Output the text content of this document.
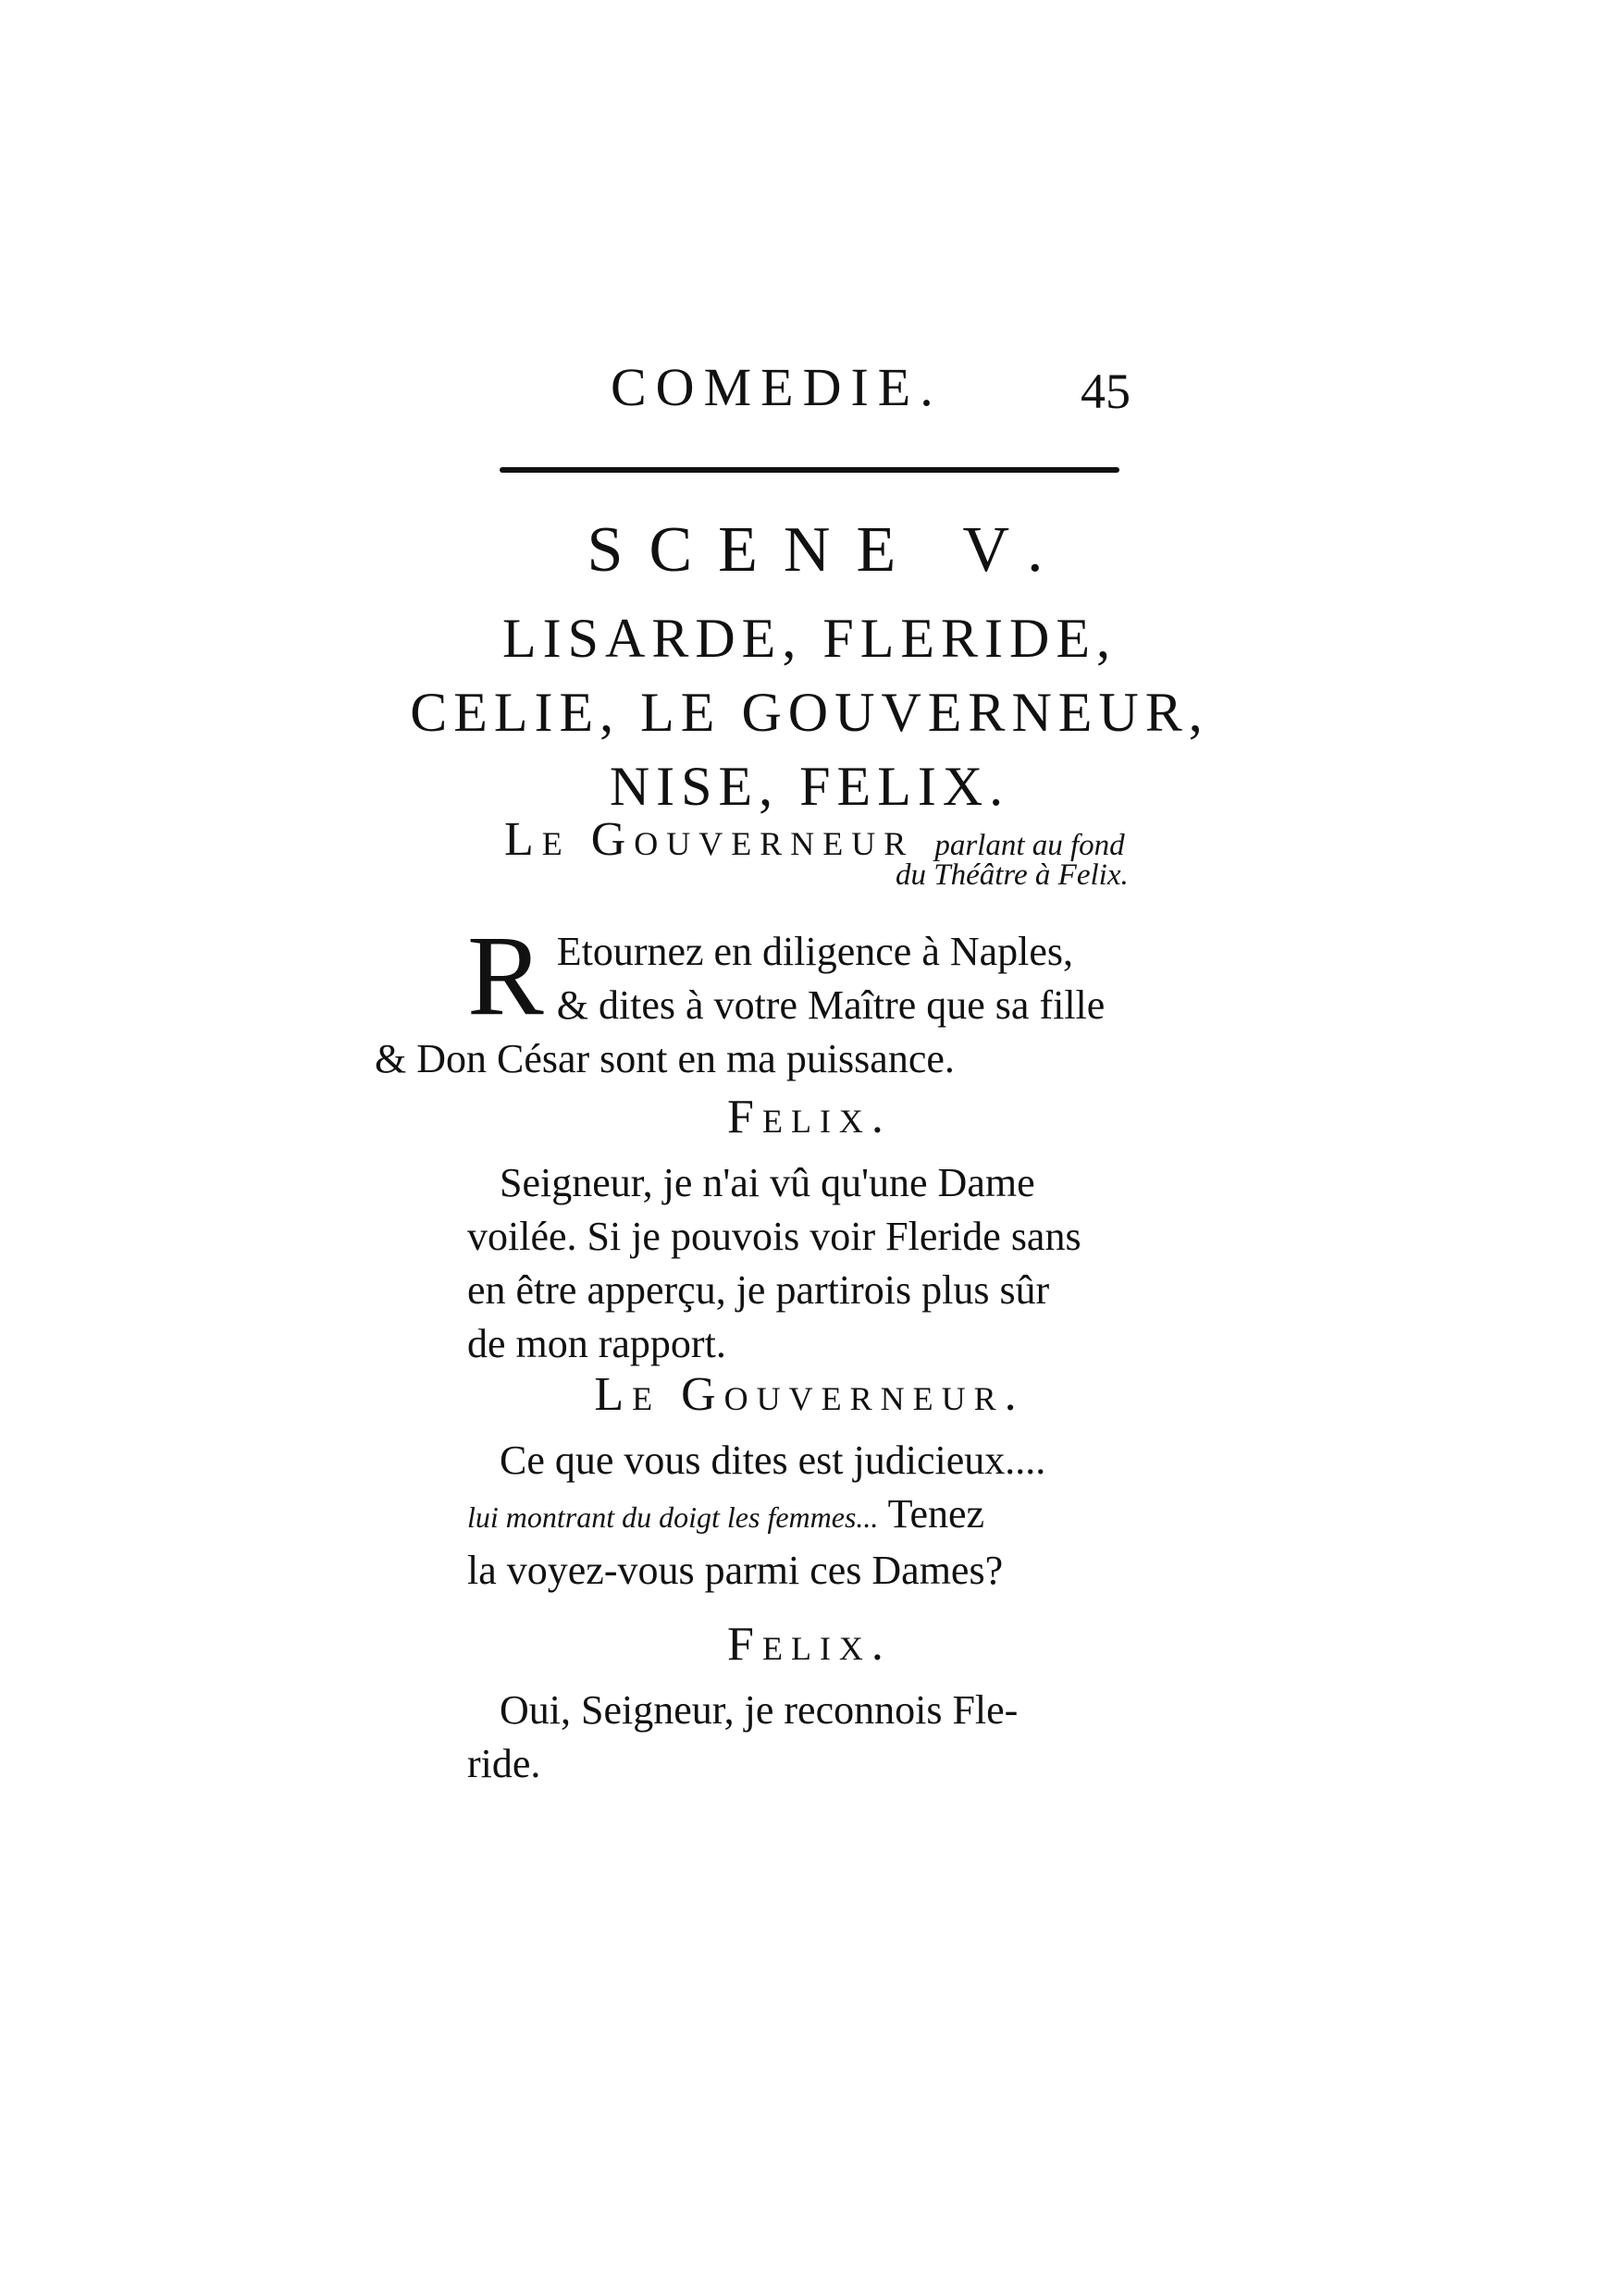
COMEDIE.	45
SCENE V.
LISARDE, FLERIDE,
CELIE, LE GOUVERNEUR,
NISE, FELIX.
Le Gouverneur parlant au fond
du Théâtre à Felix.
R Etournez en diligence à Naples,
& dites à votre Maître que sa fille
& Don César sont en ma puissance.
Felix.
Seigneur, je n'ai vû qu'une Dame
voilée. Si je pouvois voir Fleride sans
en être apperçu, je partirois plus sûr
de mon rapport.
Le Gouverneur.
Ce que vous dites est judicieux....
lui montrant du doigt les femmes... Tenez
la voyez-vous parmi ces Dames?
Felix.
Oui, Seigneur, je reconnois Fle-
ride.
